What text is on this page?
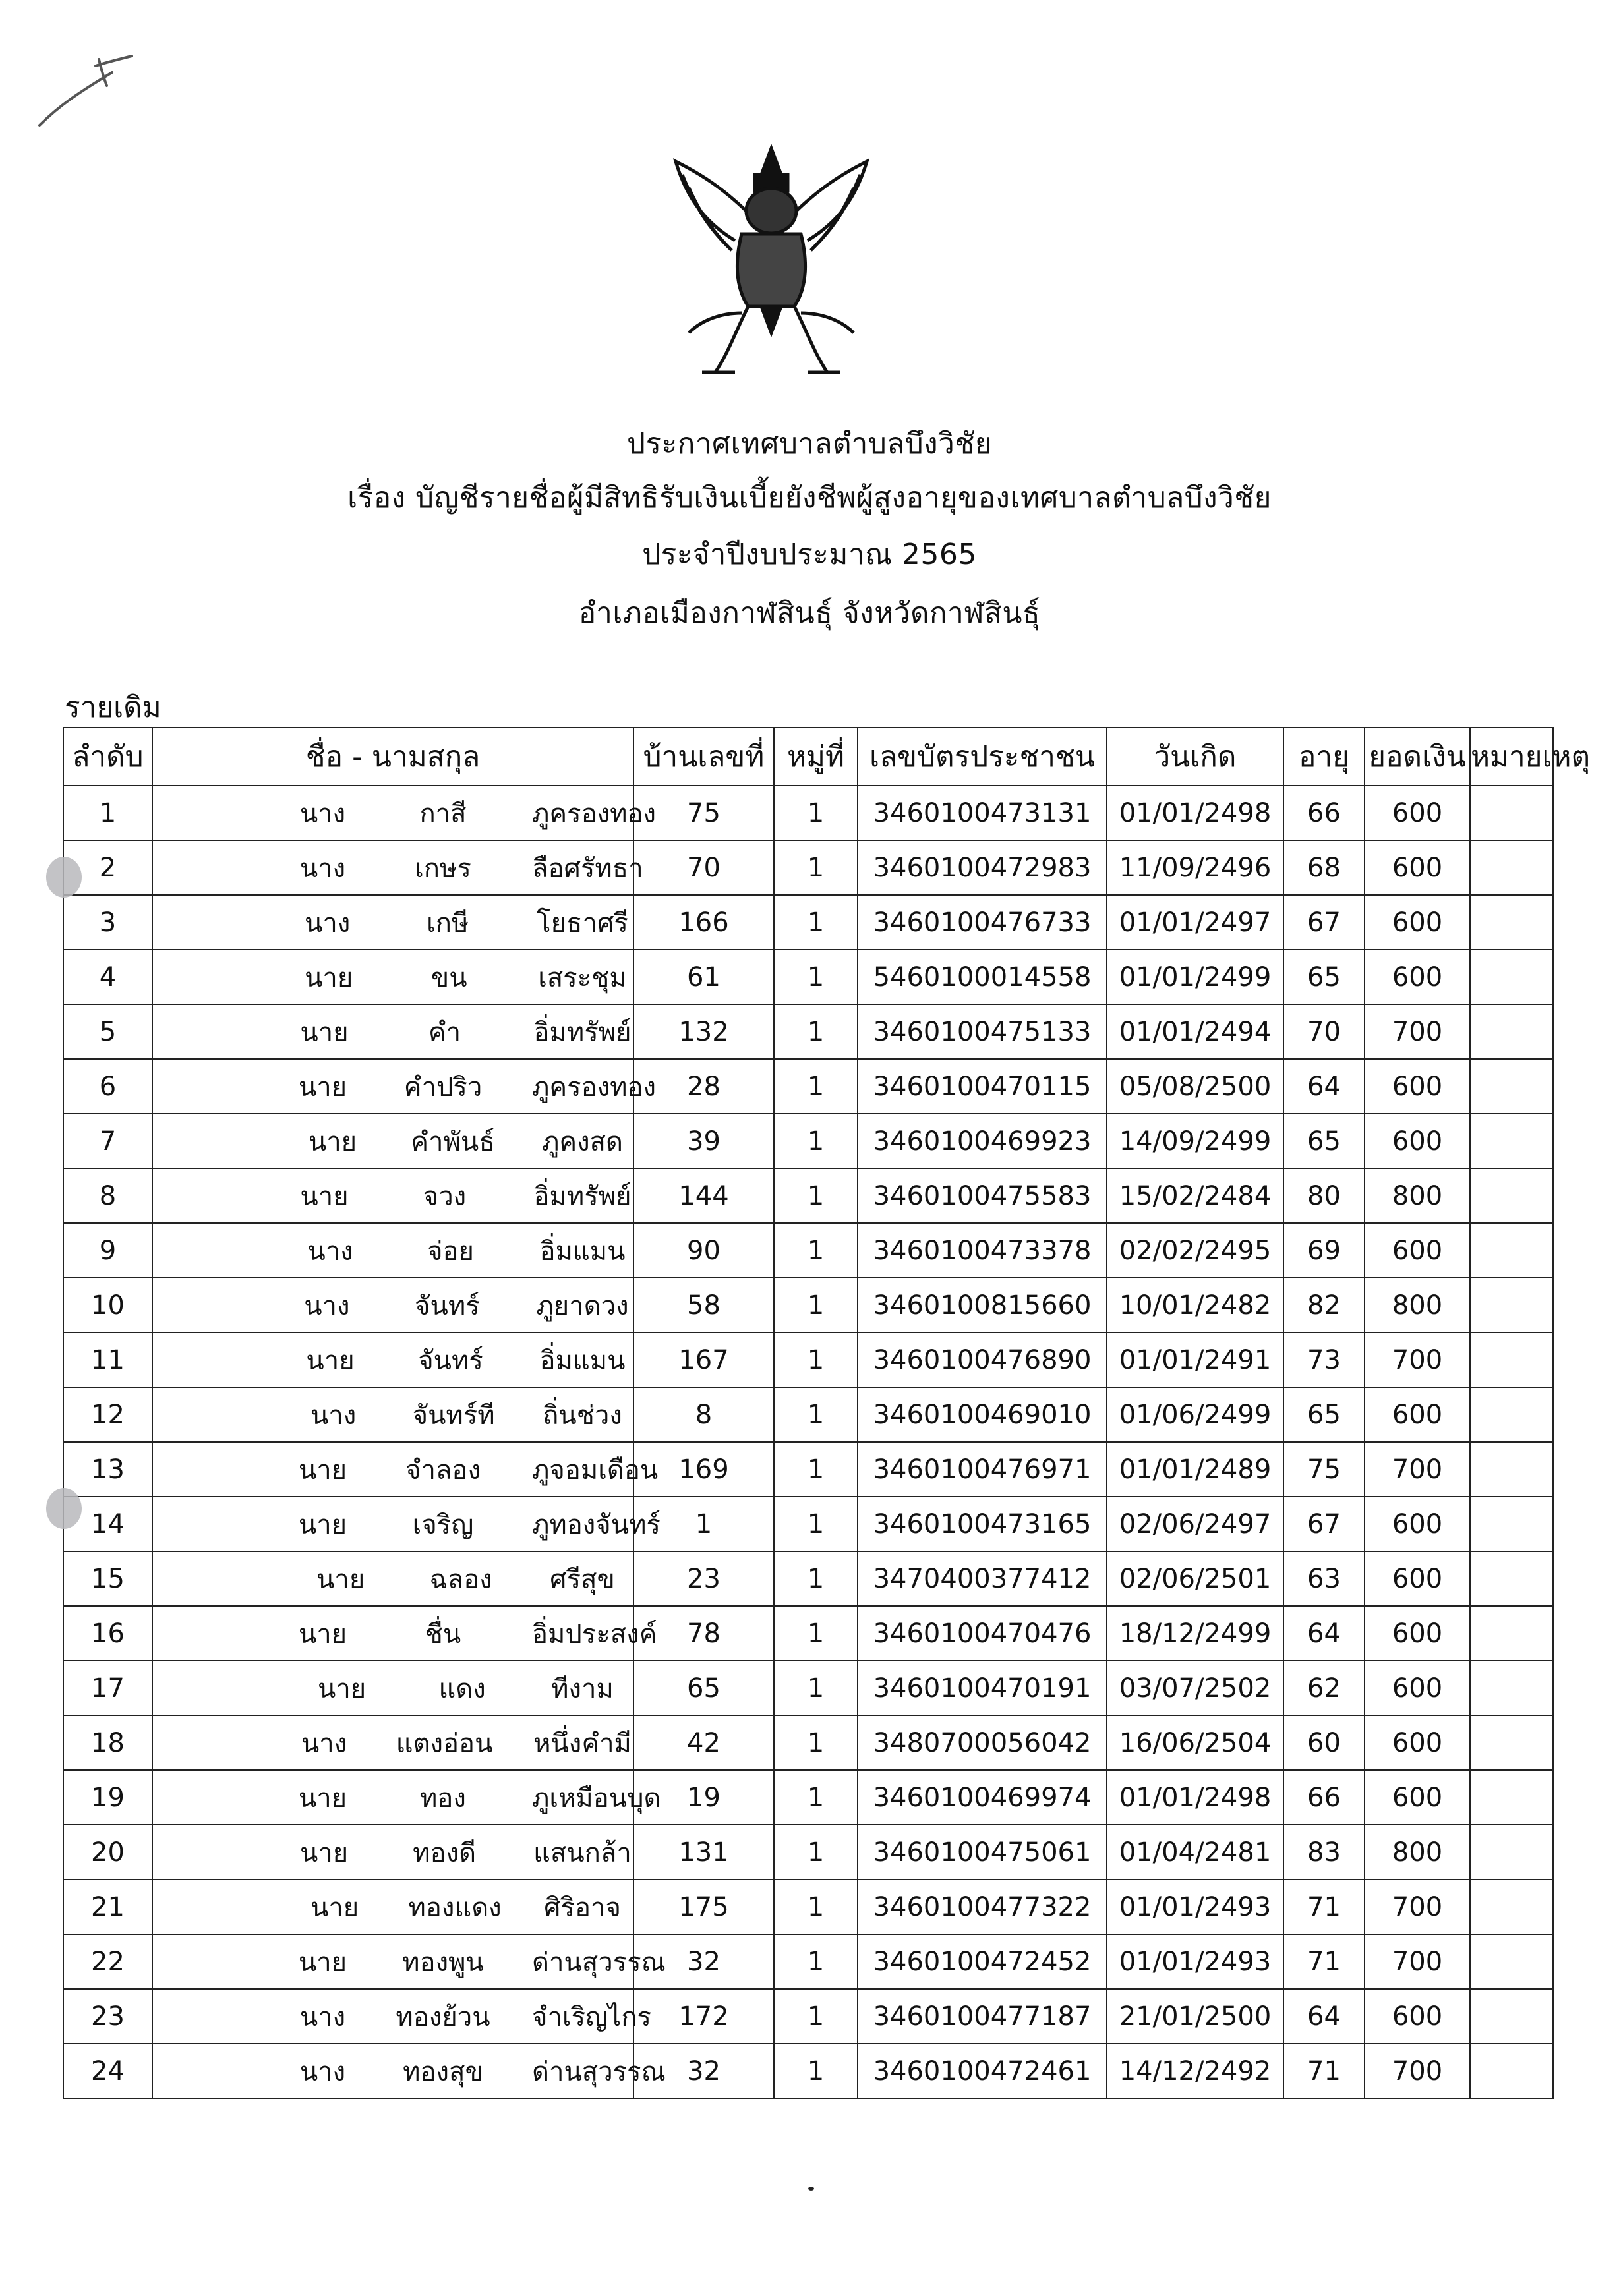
ประกาศเทศบาลตำบลบึงวิชัย
เรื่อง บัญชีรายชื่อผู้มีสิทธิรับเงินเบี้ยยังชีพผู้สูงอายุของเทศบาลตำบลบึงวิชัย
ประจำปีงบประมาณ 2565
อำเภอเมืองกาฬสินธุ์ จังหวัดกาฬสินธุ์
รายเดิม
ลำดับ	ชื่อ - นามสกุล	บ้านเลขที่	หมู่ที่	เลขบัตรประชาชน	วันเกิด	อายุ	ยอดเงิน	หมายเหตุ
1	นาง กาสี ภูครองทอง	75	1	3460100473131	01/01/2498	66	600	
2	นาง เกษร ลือศรัทธา	70	1	3460100472983	11/09/2496	68	600	
3	นาง เกษี โยธาศรี	166	1	3460100476733	01/01/2497	67	600	
4	นาย ขน เสระชุม	61	1	5460100014558	01/01/2499	65	600	
5	นาย คำ อิ่มทรัพย์	132	1	3460100475133	01/01/2494	70	700	
6	นาย คำปริว ภูครองทอง	28	1	3460100470115	05/08/2500	64	600	
7	นาย คำพันธ์ ภูคงสด	39	1	3460100469923	14/09/2499	65	600	
8	นาย จวง อิ่มทรัพย์	144	1	3460100475583	15/02/2484	80	800	
9	นาง จ่อย อิ่มแมน	90	1	3460100473378	02/02/2495	69	600	
10	นาง จันทร์ ภูยาดวง	58	1	3460100815660	10/01/2482	82	800	
11	นาย จันทร์ อิ่มแมน	167	1	3460100476890	01/01/2491	73	700	
12	นาง จันทร์ที ถิ่นช่วง	8	1	3460100469010	01/06/2499	65	600	
13	นาย จำลอง ภูจอมเดือน	169	1	3460100476971	01/01/2489	75	700	
14	นาย เจริญ ภูทองจันทร์	1	1	3460100473165	02/06/2497	67	600	
15	นาย ฉลอง ศรีสุข	23	1	3470400377412	02/06/2501	63	600	
16	นาย ชื่น อิ่มประสงค์	78	1	3460100470476	18/12/2499	64	600	
17	นาย แดง ทีงาม	65	1	3460100470191	03/07/2502	62	600	
18	นาง แตงอ่อน หนึ่งคำมี	42	1	3480700056042	16/06/2504	60	600	
19	นาย ทอง ภูเหมือนบุด	19	1	3460100469974	01/01/2498	66	600	
20	นาย ทองดี แสนกล้า	131	1	3460100475061	01/04/2481	83	800	
21	นาย ทองแดง ศิริอาจ	175	1	3460100477322	01/01/2493	71	700	
22	นาย ทองพูน ด่านสุวรรณ	32	1	3460100472452	01/01/2493	71	700	
23	นาง ทองย้วน จำเริญไกร	172	1	3460100477187	21/01/2500	64	600	
24	นาง ทองสุข ด่านสุวรรณ	32	1	3460100472461	14/12/2492	71	700	
